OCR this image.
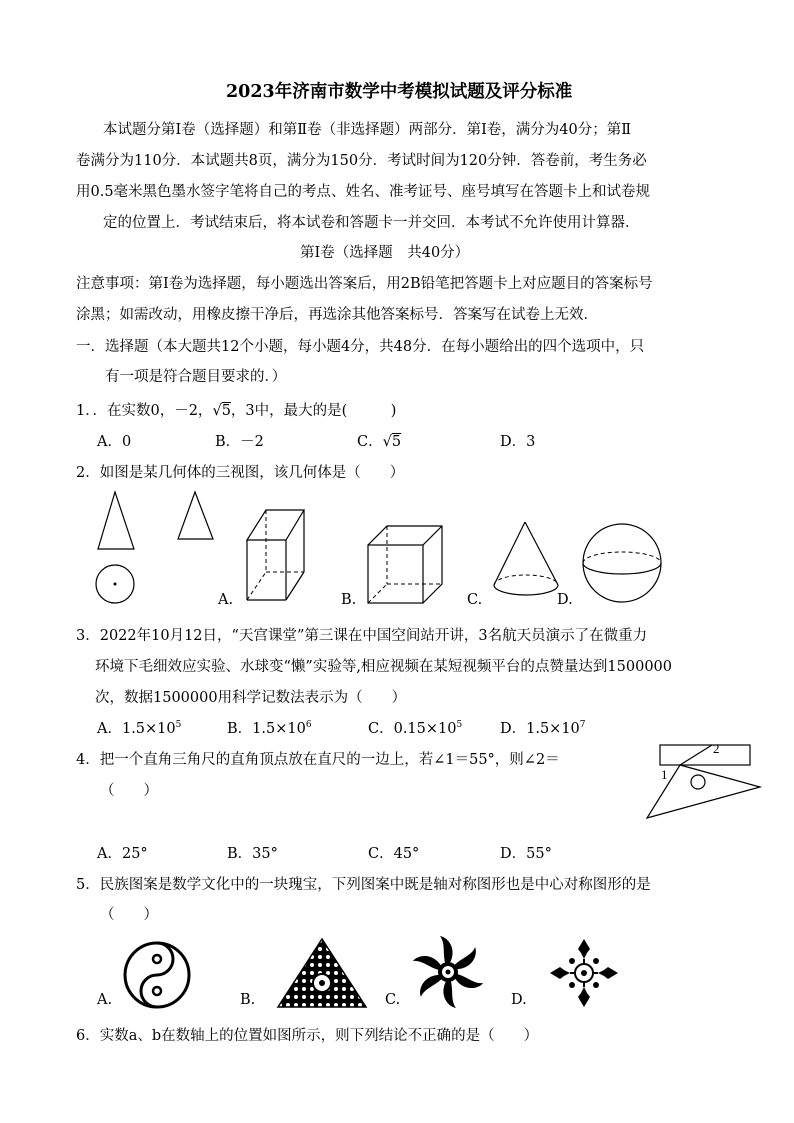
2023年济南市数学中考模拟试题及评分标准
本试题分第Ⅰ卷（选择题）和第Ⅱ卷（非选择题）两部分．第Ⅰ卷，满分为40分；第Ⅱ
卷满分为110分．本试题共8页，满分为150分．考试时间为120分钟．答卷前，考生务必
用0.5毫米黑色墨水签字笔将自己的考点、姓名、准考证号、座号填写在答题卡上和试卷规
定的位置上．考试结束后，将本试卷和答题卡一并交回．本考试不允许使用计算器．
第Ⅰ卷（选择题　共40分）
注意事项：第Ⅰ卷为选择题，每小题选出答案后，用2B铅笔把答题卡上对应题目的答案标号
涂黑；如需改动，用橡皮擦干净后，再选涂其他答案标号．答案写在试卷上无效．
一．选择题（本大题共12个小题，每小题4分，共48分．在每小题给出的四个选项中，只
有一项是符合题目要求的．）
1．．在实数0，－2，√5，3中，最大的是(　　　)
A．0	B．－2	C．√5	D．3
2．如图是某几何体的三视图，该几何体是（　　）
A.	B.	C.	D.
3．2022年10月12日，“天宫课堂”第三课在中国空间站开讲，3名航天员演示了在微重力
环境下毛细效应实验、水球变“懒”实验等,相应视频在某短视频平台的点赞量达到1500000
次，数据1500000用科学记数法表示为（　　）
A．$1.5\times 10^5$	B．$1.5\times 10^6$	C．$0.15\times 10^5$	D．$1.5\times 10^7$
4．把一个直角三角尺的直角顶点放在直尺的一边上，若∠1＝55°，则∠2＝
（　　）
2
1
A．25°	B．35°	C．45°	D．55°
5．民族图案是数学文化中的一块瑰宝，下列图案中既是轴对称图形也是中心对称图形的是
（　　）
A.	B.	C.	D.
6．实数a、b在数轴上的位置如图所示，则下列结论不正确的是（　　）
